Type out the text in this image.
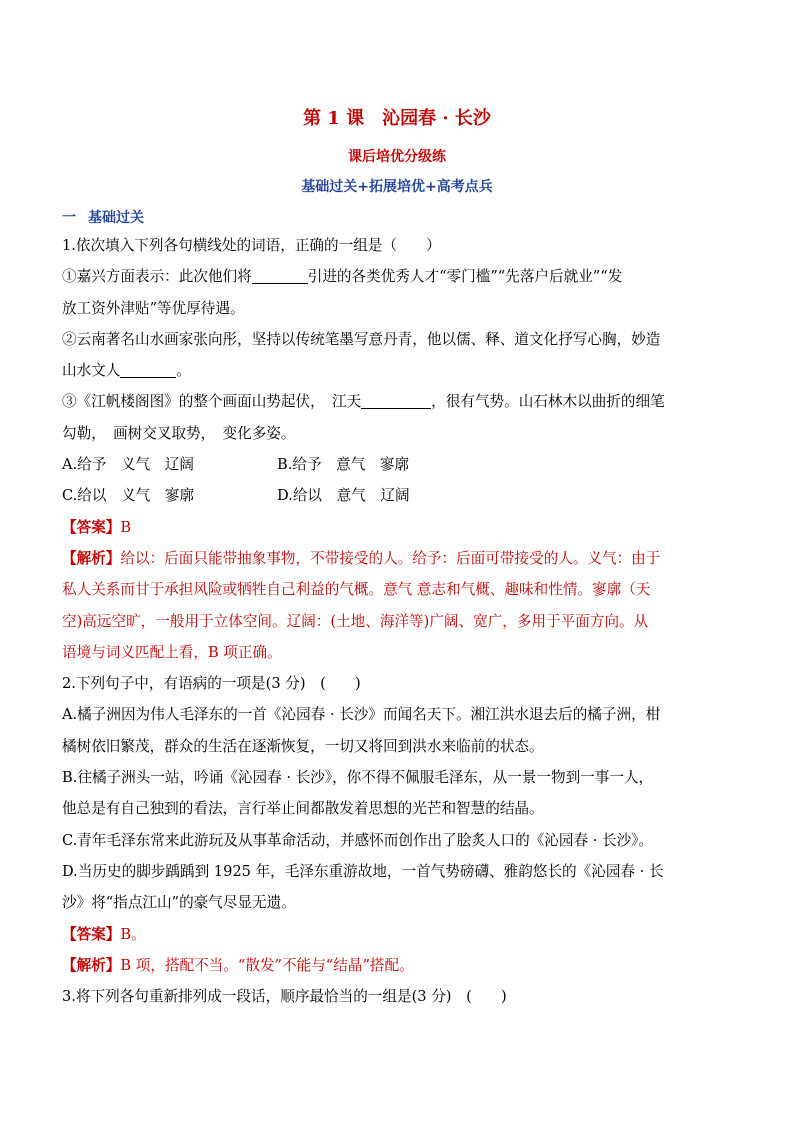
第 1 课　沁园春 · 长沙
课后培优分级练
基础过关+拓展培优+高考点兵
一 基础过关
1.依次填入下列各句横线处的词语，正确的一组是（　　）
①嘉兴方面表示：此次他们将	引进的各类优秀人才“零门槛”“先落户后就业”“发
放工资外津贴”等优厚待遇。
②云南著名山水画家张向彤，坚持以传统笔墨写意丹青，他以儒、释、道文化抒写心胸，妙造
山水文人	。
③《江帆楼阁图》的整个画面山势起伏，　江天	，很有气势。山石林木以曲折的细笔
勾勒，　画树交叉取势，　变化多姿。
A.给予　义气　辽阔	B.给予　意气　寥廓
C.给以　义气　寥廓	D.给以　意气　辽阔
【答案】B
【解析】给以：后面只能带抽象事物，不带接受的人。给予：后面可带接受的人。义气：由于
私人关系而甘于承担风险或牺牲自己利益的气概。意气 意志和气概、趣味和性情。寥廓（天
空)高远空旷，一般用于立体空间。辽阔：(土地、海洋等)广阔、宽广，多用于平面方向。从
语境与词义匹配上看，B 项正确。
2.下列句子中，有语病的一项是(3 分)　(　　)
A.橘子洲因为伟人毛泽东的一首《沁园春 · 长沙》而闻名天下。湘江洪水退去后的橘子洲，柑
橘树依旧繁茂，群众的生活在逐渐恢复，一切又将回到洪水来临前的状态。
B.往橘子洲头一站，吟诵《沁园春 · 长沙》，你不得不佩服毛泽东，从一景一物到一事一人，
他总是有自己独到的看法，言行举止间都散发着思想的光芒和智慧的结晶。
C.青年毛泽东常来此游玩及从事革命活动，并感怀而创作出了脍炙人口的《沁园春 · 长沙》。
D.当历史的脚步踽踽到 1925 年，毛泽东重游故地，一首气势磅礴、雅韵悠长的《沁园春 · 长
沙》将“指点江山”的豪气尽显无遗。
【答案】B。
【解析】B 项，搭配不当。“散发”不能与“结晶”搭配。
3.将下列各句重新排列成一段话，顺序最恰当的一组是(3 分)　(　　)
